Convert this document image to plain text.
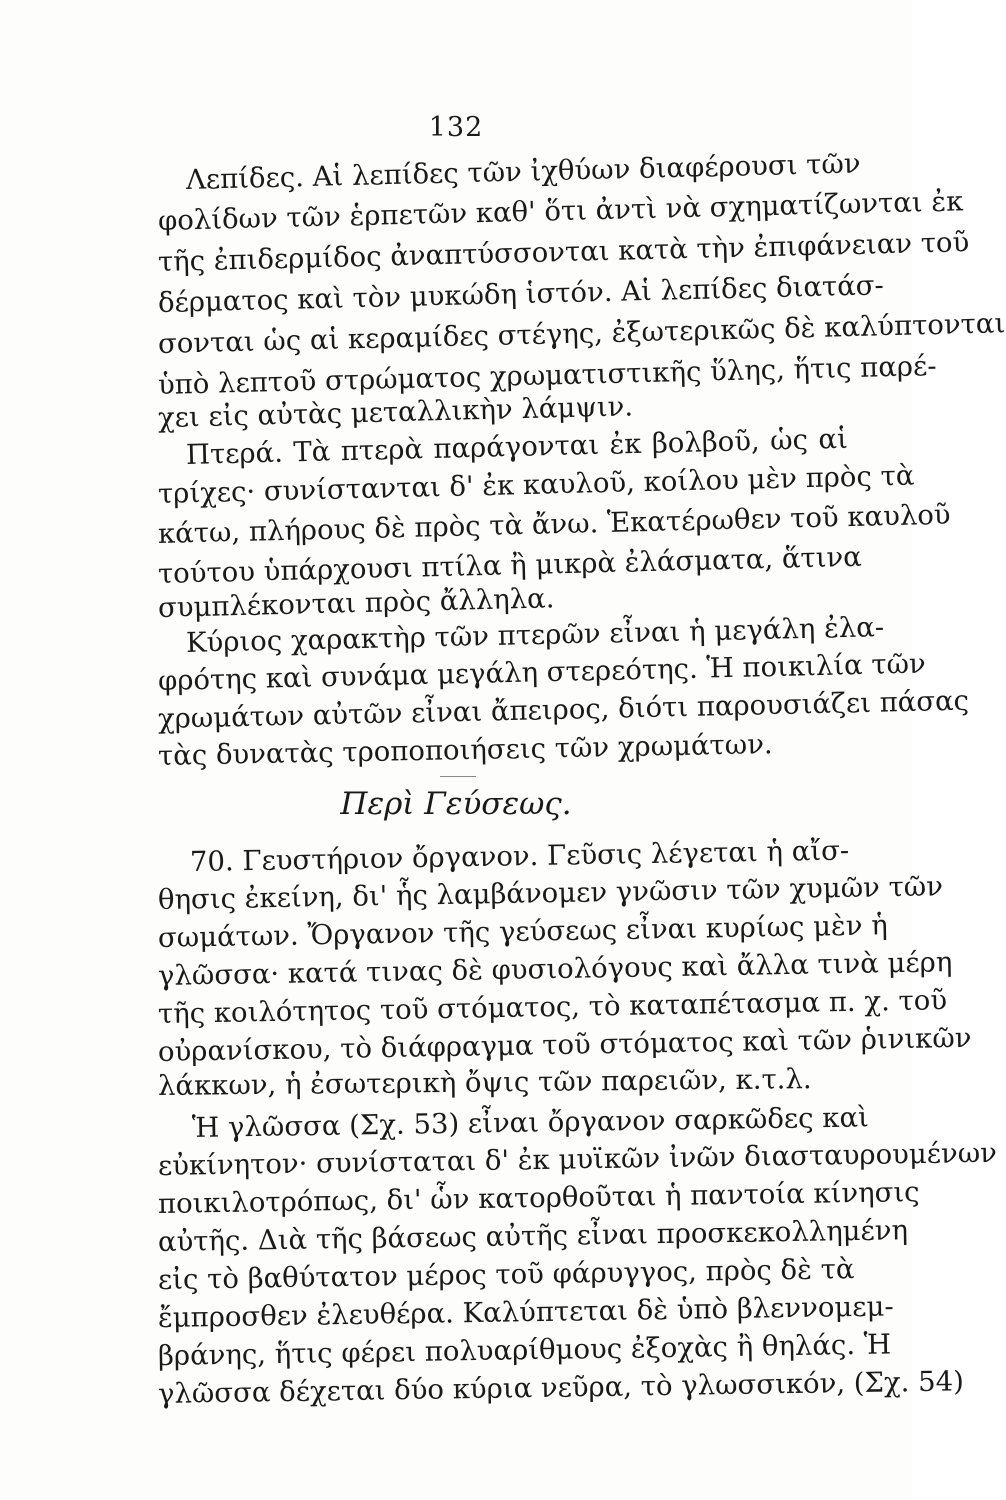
132
Λεπίδες. Αἱ λεπίδες τῶν ἰχθύων διαφέρουσι τῶν
φολίδων τῶν ἑρπετῶν καθ' ὅτι ἀντὶ νὰ σχηματίζωνται ἐκ
τῆς ἐπιδερμίδος ἀναπτύσσονται κατὰ τὴν ἐπιφάνειαν τοῦ
δέρματος καὶ τὸν μυκώδη ἱστόν. Αἱ λεπίδες διατάσ-
σονται ὡς αἱ κεραμίδες στέγης, ἐξωτερικῶς δὲ καλύπτονται
ὑπὸ λεπτοῦ στρώματος χρωματιστικῆς ὕλης, ἥτις παρέ-
χει εἰς αὐτὰς μεταλλικὴν λάμψιν.
Πτερά. Τὰ πτερὰ παράγονται ἐκ βολβοῦ, ὡς αἱ
τρίχες· συνίστανται δ' ἐκ καυλοῦ, κοίλου μὲν πρὸς τὰ
κάτω, πλήρους δὲ πρὸς τὰ ἄνω. Ἑκατέρωθεν τοῦ καυλοῦ
τούτου ὑπάρχουσι πτίλα ἢ μικρὰ ἐλάσματα, ἅτινα
συμπλέκονται πρὸς ἄλληλα.
Κύριος χαρακτὴρ τῶν πτερῶν εἶναι ἡ μεγάλη ἐλα-
φρότης καὶ συνάμα μεγάλη στερεότης. Ἡ ποικιλία τῶν
χρωμάτων αὐτῶν εἶναι ἄπειρος, διότι παρουσιάζει πάσας
τὰς δυνατὰς τροποποιήσεις τῶν χρωμάτων.
Περὶ Γεύσεως.
70. Γευστήριον ὄργανον. Γεῦσις λέγεται ἡ αἴσ-
θησις ἐκείνη, δι' ἧς λαμβάνομεν γνῶσιν τῶν χυμῶν τῶν
σωμάτων. Ὄργανον τῆς γεύσεως εἶναι κυρίως μὲν ἡ
γλῶσσα· κατά τινας δὲ φυσιολόγους καὶ ἄλλα τινὰ μέρη
τῆς κοιλότητος τοῦ στόματος, τὸ καταπέτασμα π. χ. τοῦ
οὐρανίσκου, τὸ διάφραγμα τοῦ στόματος καὶ τῶν ῥινικῶν
λάκκων, ἡ ἐσωτερικὴ ὄψις τῶν παρειῶν, κ.τ.λ.
Ἡ γλῶσσα (Σχ. 53) εἶναι ὄργανον σαρκῶδες καὶ
εὐκίνητον· συνίσταται δ' ἐκ μυϊκῶν ἰνῶν διασταυρουμένων
ποικιλοτρόπως, δι' ὧν κατορθοῦται ἡ παντοία κίνησις
αὐτῆς. Διὰ τῆς βάσεως αὐτῆς εἶναι προσκεκολλημένη
εἰς τὸ βαθύτατον μέρος τοῦ φάρυγγος, πρὸς δὲ τὰ
ἔμπροσθεν ἐλευθέρα. Καλύπτεται δὲ ὑπὸ βλεννομεμ-
βράνης, ἥτις φέρει πολυαρίθμους ἐξοχὰς ἢ θηλάς. Ἡ
γλῶσσα δέχεται δύο κύρια νεῦρα, τὸ γλωσσικόν, (Σχ. 54)
